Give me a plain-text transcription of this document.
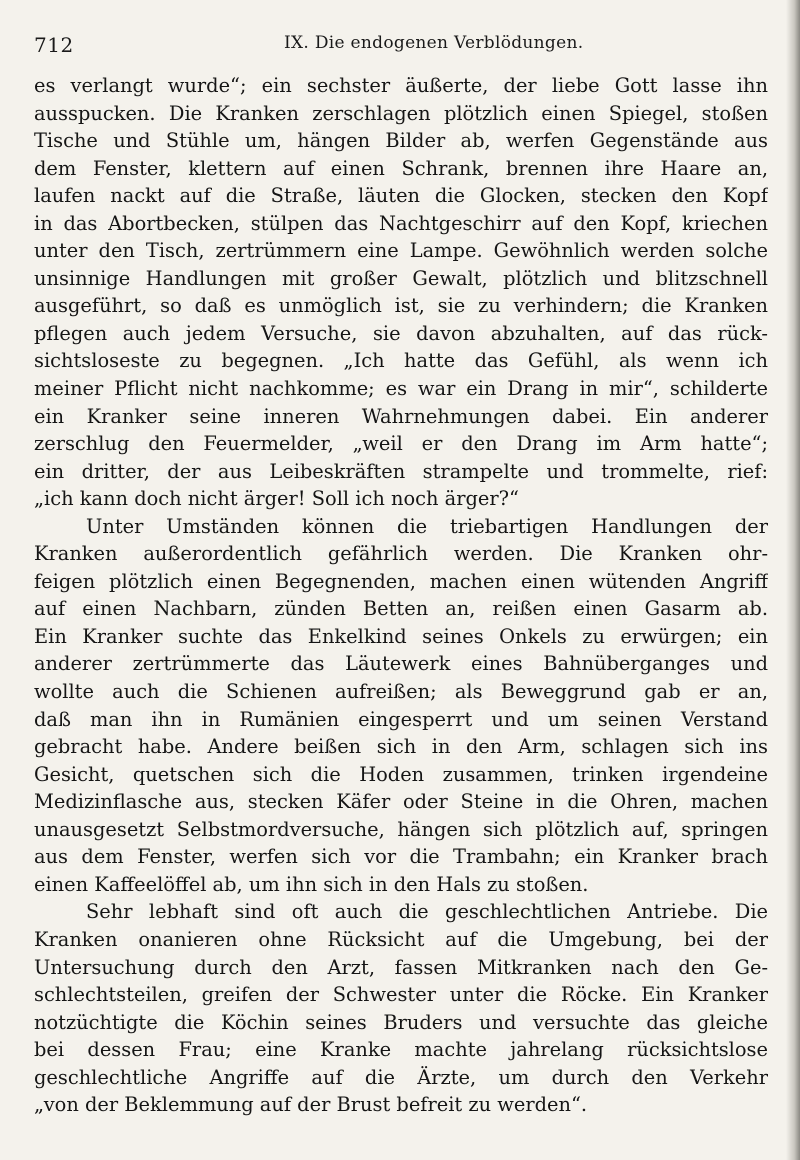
712	IX. Die endogenen Verblödungen.
es verlangt wurde“; ein sechster äußerte, der liebe Gott lasse ihn
ausspucken. Die Kranken zerschlagen plötzlich einen Spiegel, stoßen
Tische und Stühle um, hängen Bilder ab, werfen Gegenstände aus
dem Fenster, klettern auf einen Schrank, brennen ihre Haare an,
laufen nackt auf die Straße, läuten die Glocken, stecken den Kopf
in das Abortbecken, stülpen das Nachtgeschirr auf den Kopf, kriechen
unter den Tisch, zertrümmern eine Lampe. Gewöhnlich werden solche
unsinnige Handlungen mit großer Gewalt, plötzlich und blitzschnell
ausgeführt, so daß es unmöglich ist, sie zu verhindern; die Kranken
pflegen auch jedem Versuche, sie davon abzuhalten, auf das rück-
sichtsloseste zu begegnen. „Ich hatte das Gefühl, als wenn ich
meiner Pflicht nicht nachkomme; es war ein Drang in mir“, schilderte
ein Kranker seine inneren Wahrnehmungen dabei. Ein anderer
zerschlug den Feuermelder, „weil er den Drang im Arm hatte“;
ein dritter, der aus Leibeskräften strampelte und trommelte, rief:
„ich kann doch nicht ärger! Soll ich noch ärger?“
Unter Umständen können die triebartigen Handlungen der
Kranken außerordentlich gefährlich werden. Die Kranken ohr-
feigen plötzlich einen Begegnenden, machen einen wütenden Angriff
auf einen Nachbarn, zünden Betten an, reißen einen Gasarm ab.
Ein Kranker suchte das Enkelkind seines Onkels zu erwürgen; ein
anderer zertrümmerte das Läutewerk eines Bahnüberganges und
wollte auch die Schienen aufreißen; als Beweggrund gab er an,
daß man ihn in Rumänien eingesperrt und um seinen Verstand
gebracht habe. Andere beißen sich in den Arm, schlagen sich ins
Gesicht, quetschen sich die Hoden zusammen, trinken irgendeine
Medizinflasche aus, stecken Käfer oder Steine in die Ohren, machen
unausgesetzt Selbstmordversuche, hängen sich plötzlich auf, springen
aus dem Fenster, werfen sich vor die Trambahn; ein Kranker brach
einen Kaffeelöffel ab, um ihn sich in den Hals zu stoßen.
Sehr lebhaft sind oft auch die geschlechtlichen Antriebe. Die
Kranken onanieren ohne Rücksicht auf die Umgebung, bei der
Untersuchung durch den Arzt, fassen Mitkranken nach den Ge-
schlechtsteilen, greifen der Schwester unter die Röcke. Ein Kranker
notzüchtigte die Köchin seines Bruders und versuchte das gleiche
bei dessen Frau; eine Kranke machte jahrelang rücksichtslose
geschlechtliche Angriffe auf die Ärzte, um durch den Verkehr
„von der Beklemmung auf der Brust befreit zu werden“.
